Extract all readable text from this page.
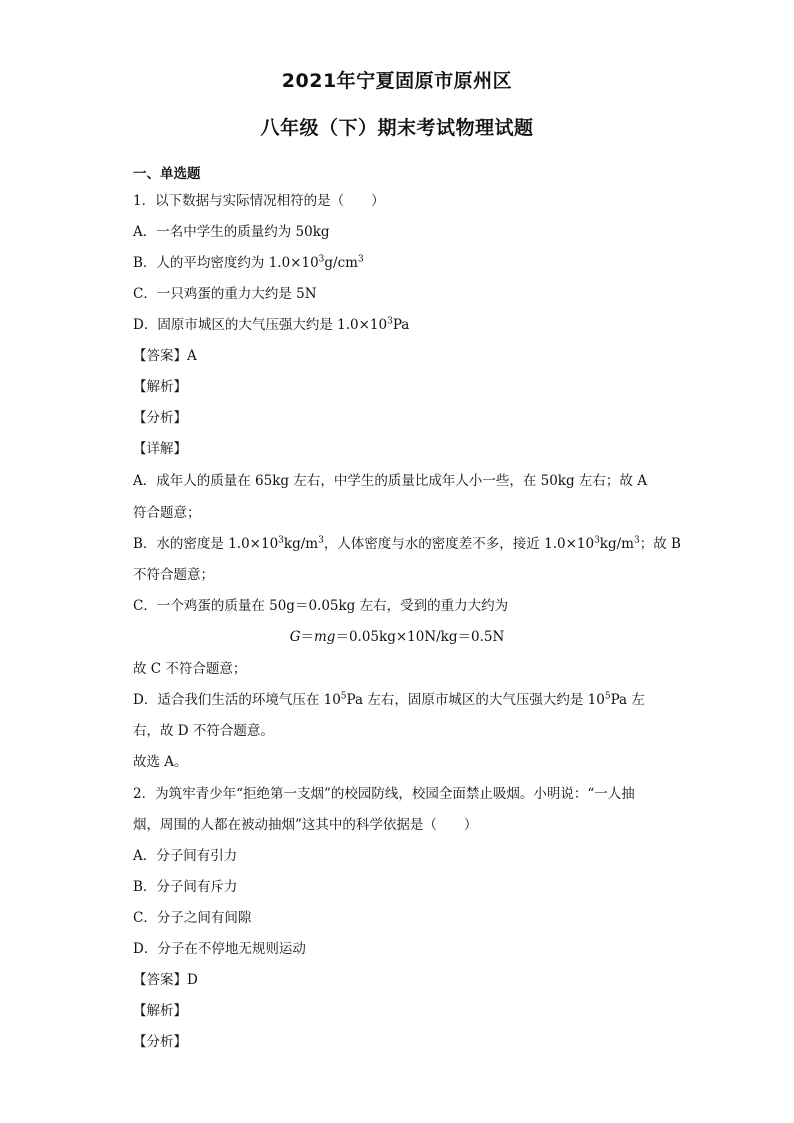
2021年宁夏固原市原州区
八年级（下）期末考试物理试题
一、单选题
1．以下数据与实际情况相符的是（　　）
A．一名中学生的质量约为 50kg
B．人的平均密度约为 $1.0\times 10^3g/cm^3$
C．一只鸡蛋的重力大约是 5N
D．固原市城区的大气压强大约是 $1.0\times 10^3Pa$
【答案】A
【解析】
【分析】
【详解】
A．成年人的质量在 65kg 左右，中学生的质量比成年人小一些，在 50kg 左右；故 A
符合题意；
B．水的密度是 $1.0\times 10^3kg/m^3$，人体密度与水的密度差不多，接近 $1.0\times 10^3kg/m^3$；故 B
不符合题意；
C．一个鸡蛋的质量在 50g＝0.05kg 左右，受到的重力大约为
G＝mg＝0.05kg×10N/kg＝0.5N
故 C 不符合题意；
D．适合我们生活的环境气压在 $10^5Pa$ 左右，固原市城区的大气压强大约是 $10^5Pa$ 左
右，故 D 不符合题意。
故选 A。
2．为筑牢青少年“拒绝第一支烟”的校园防线，校园全面禁止吸烟。小明说：“一人抽
烟，周围的人都在被动抽烟”这其中的科学依据是（　　）
A．分子间有引力
B．分子间有斥力
C．分子之间有间隙
D．分子在不停地无规则运动
【答案】D
【解析】
【分析】
